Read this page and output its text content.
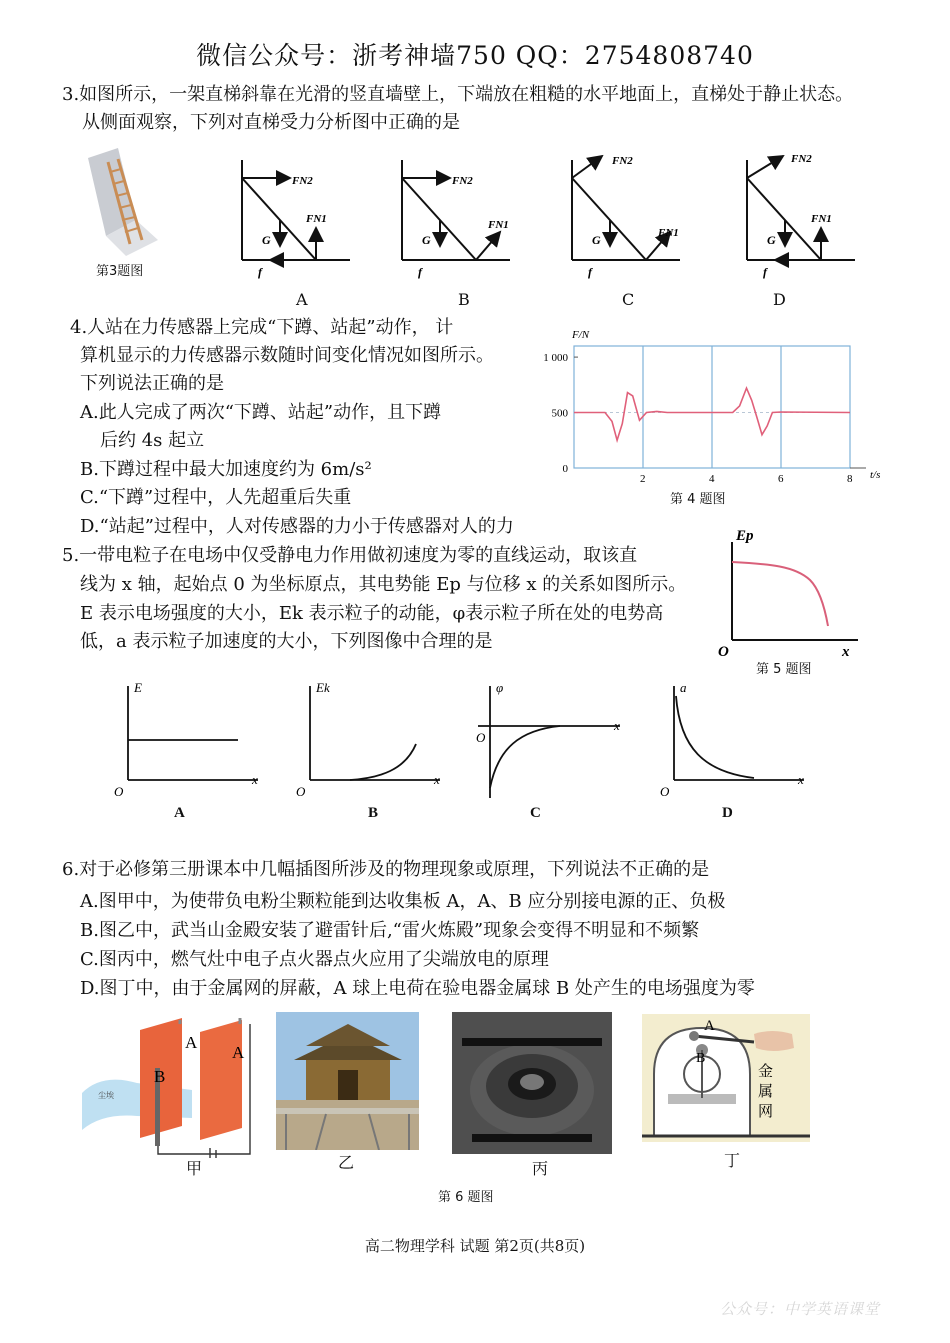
微信公众号：浙考神墙750 QQ：2754808740
3.如图所示，一架直梯斜靠在光滑的竖直墙壁上，下端放在粗糙的水平地面上，直梯处于静止状态。
从侧面观察，下列对直梯受力分析图中正确的是
第3题图
FN2
FN1
G
f
FN2
FN1
G
f
FN2
FN1
G
f
FN2
FN1
G
f
A	B	C	D
4.人站在力传感器上完成“下蹲、站起”动作， 计
算机显示的力传感器示数随时间变化情况如图所示。
下列说法正确的是
A.此人完成了两次“下蹲、站起”动作，且下蹲
后约 4s 起立
B.下蹲过程中最大加速度约为 6m/s²
C.“下蹲”过程中，人先超重后失重
D.“站起”过程中，人对传感器的力小于传感器对人的力
F/N
t/s
2	4	6	8
0
500
1 000
第 4 题图
5.一带电粒子在电场中仅受静电力作用做初速度为零的直线运动，取该直
线为 x 轴，起始点 0 为坐标原点，其电势能 Ep 与位移 x 的关系如图所示。
E 表示电场强度的大小，Ek 表示粒子的动能，φ表示粒子所在处的电势高
低，a 表示粒子加速度的大小，下列图像中合理的是
Ep
O	x
第 5 题图
E
O
x
Ek
O
x
φ
O
x
a
O
x
A	B	C	D
6.对于必修第三册课本中几幅插图所涉及的物理现象或原理，下列说法不正确的是
A.图甲中，为使带负电粉尘颗粒能到达收集板 A，A、B 应分别接电源的正、负极
B.图乙中，武当山金殿安装了避雷针后,“雷火炼殿”现象会变得不明显和不频繁
C.图丙中，燃气灶中电子点火器点火应用了尖端放电的原理
D.图丁中，由于金属网的屏蔽，A 球上电荷在验电器金属球 B 处产生的电场强度为零
尘埃
A
A
B
A
B
金
属
网
甲	乙	丙	丁
第 6 题图
高二物理学科 试题 第2页(共8页)
公众号：中学英语课堂
